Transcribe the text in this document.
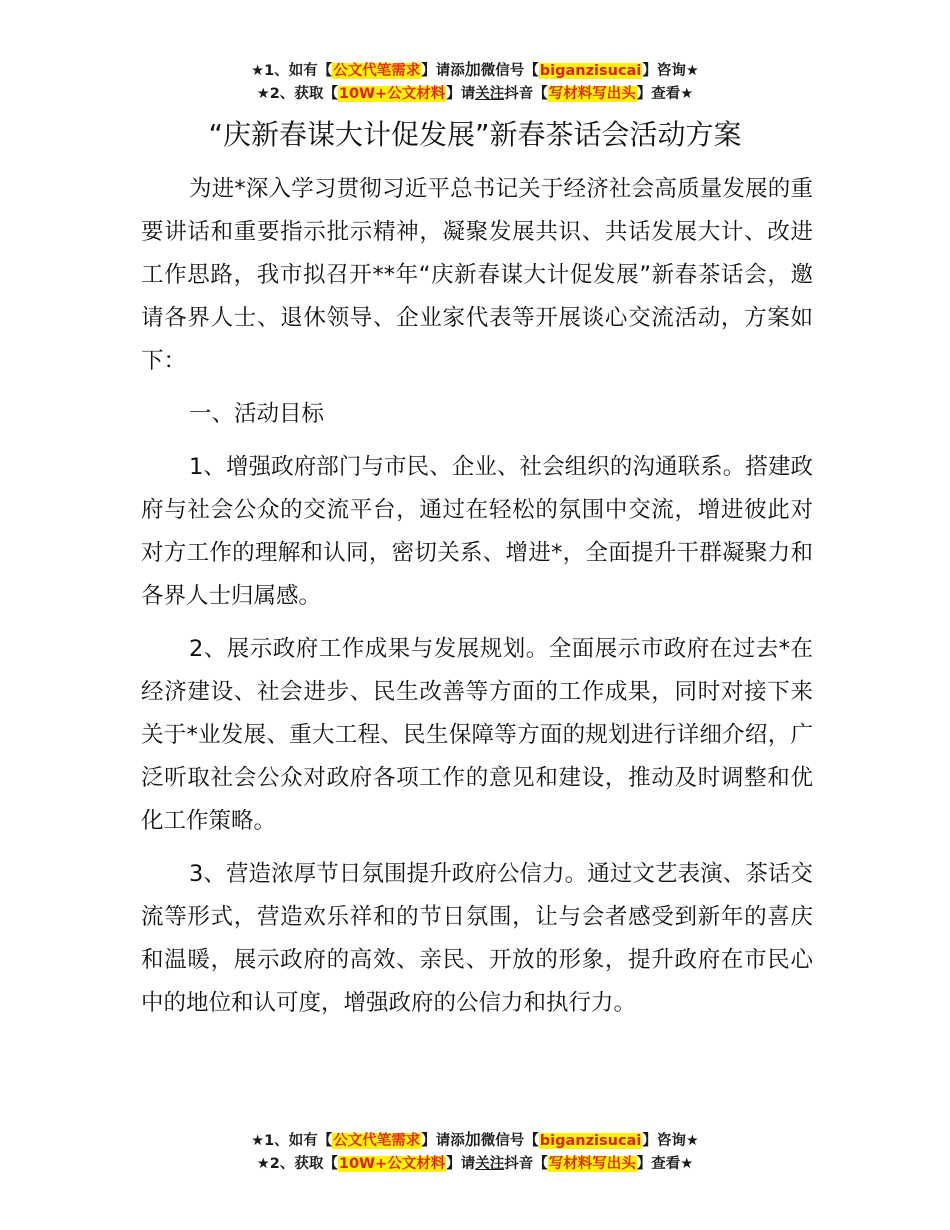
★1、如有【公文代笔需求】请添加微信号【biganzisucai】咨询★
★2、获取【10W+公文材料】请关注抖音【写材料写出头】查看★
“庆新春谋大计促发展”新春茶话会活动方案

为进*深入学习贯彻习近平总书记关于经济社会高质量发展的重要讲话和重要指示批示精神，凝聚发展共识、共话发展大计、改进工作思路，我市拟召开**年“庆新春谋大计促发展”新春茶话会，邀请各界人士、退休领导、企业家代表等开展谈心交流活动，方案如下：

一、活动目标

1、增强政府部门与市民、企业、社会组织的沟通联系。搭建政府与社会公众的交流平台，通过在轻松的氛围中交流，增进彼此对对方工作的理解和认同，密切关系、增进*，全面提升干群凝聚力和各界人士归属感。

2、展示政府工作成果与发展规划。全面展示市政府在过去*在经济建设、社会进步、民生改善等方面的工作成果，同时对接下来关于*业发展、重大工程、民生保障等方面的规划进行详细介绍，广泛听取社会公众对政府各项工作的意见和建设，推动及时调整和优化工作策略。

3、营造浓厚节日氛围提升政府公信力。通过文艺表演、茶话交流等形式，营造欢乐祥和的节日氛围，让与会者感受到新年的喜庆和温暖，展示政府的高效、亲民、开放的形象，提升政府在市民心中的地位和认可度，增强政府的公信力和执行力。

★1、如有【公文代笔需求】请添加微信号【biganzisucai】咨询★
★2、获取【10W+公文材料】请关注抖音【写材料写出头】查看★
